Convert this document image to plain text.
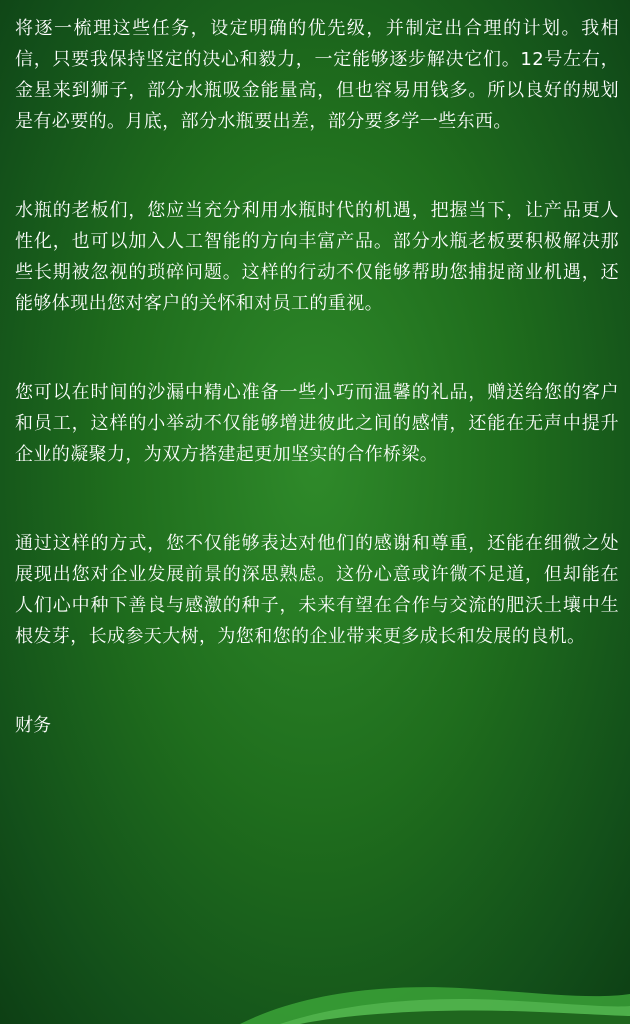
将逐一梳理这些任务，设定明确的优先级，并制定出合理的计划。我相信，只要我保持坚定的决心和毅力，一定能够逐步解决它们。12号左右，金星来到狮子，部分水瓶吸金能量高，但也容易用钱多。所以良好的规划是有必要的。月底，部分水瓶要出差，部分要多学一些东西。

水瓶的老板们，您应当充分利用水瓶时代的机遇，把握当下，让产品更人性化，也可以加入人工智能的方向丰富产品。部分水瓶老板要积极解决那些长期被忽视的琐碎问题。这样的行动不仅能够帮助您捕捉商业机遇，还能够体现出您对客户的关怀和对员工的重视。

您可以在时间的沙漏中精心准备一些小巧而温馨的礼品，赠送给您的客户和员工，这样的小举动不仅能够增进彼此之间的感情，还能在无声中提升企业的凝聚力，为双方搭建起更加坚实的合作桥梁。

通过这样的方式，您不仅能够表达对他们的感谢和尊重，还能在细微之处展现出您对企业发展前景的深思熟虑。这份心意或许微不足道，但却能在人们心中种下善良与感激的种子，未来有望在合作与交流的肥沃土壤中生根发芽，长成参天大树，为您和您的企业带来更多成长和发展的良机。

财务
